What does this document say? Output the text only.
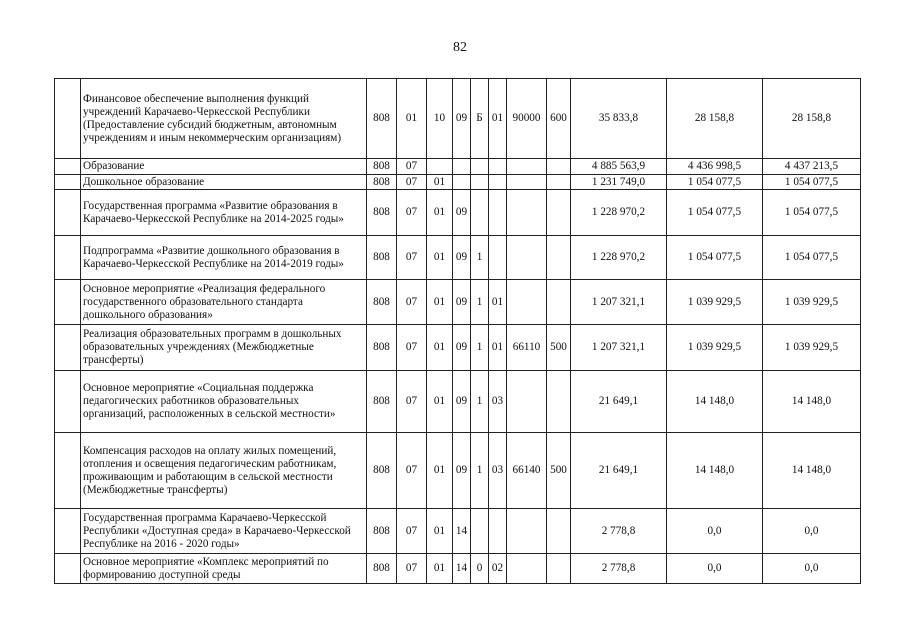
82
	Финансовое обеспечение выполнения функций учреждений Карачаево-Черкесской Республики (Предоставление субсидий бюджетным, автономным учреждениям и иным некоммерческим организациям)	808	01	10	09	Б	01	90000	600	35 833,8	28 158,8	28 158,8
	Образование	808	07							4 885 563,9	4 436 998,5	4 437 213,5
	Дошкольное образование	808	07	01						1 231 749,0	1 054 077,5	1 054 077,5
	Государственная программа «Развитие образования в Карачаево-Черкесской Республике на 2014-2025 годы»	808	07	01	09					1 228 970,2	1 054 077,5	1 054 077,5
	Подпрограмма «Развитие дошкольного образования в Карачаево-Черкесской Республике на 2014-2019 годы»	808	07	01	09	1				1 228 970,2	1 054 077,5	1 054 077,5
	Основное мероприятие «Реализация федерального государственного образовательного стандарта дошкольного образования»	808	07	01	09	1	01			1 207 321,1	1 039 929,5	1 039 929,5
	Реализация образовательных программ в дошкольных образовательных учреждениях (Межбюджетные трансферты)	808	07	01	09	1	01	66110	500	1 207 321,1	1 039 929,5	1 039 929,5
	Основное мероприятие «Социальная поддержка педагогических работников образовательных организаций, расположенных в сельской местности»	808	07	01	09	1	03			21 649,1	14 148,0	14 148,0
	Компенсация расходов на оплату жилых помещений, отопления и освещения педагогическим работникам, проживающим и работающим в сельской местности (Межбюджетные трансферты)	808	07	01	09	1	03	66140	500	21 649,1	14 148,0	14 148,0
	Государственная программа Карачаево-Черкесской Республики «Доступная среда» в Карачаево-Черкесской Республике на 2016 - 2020 годы»	808	07	01	14					2 778,8	0,0	0,0
	Основное мероприятие «Комплекс мероприятий по формированию доступной среды	808	07	01	14	0	02			2 778,8	0,0	0,0
